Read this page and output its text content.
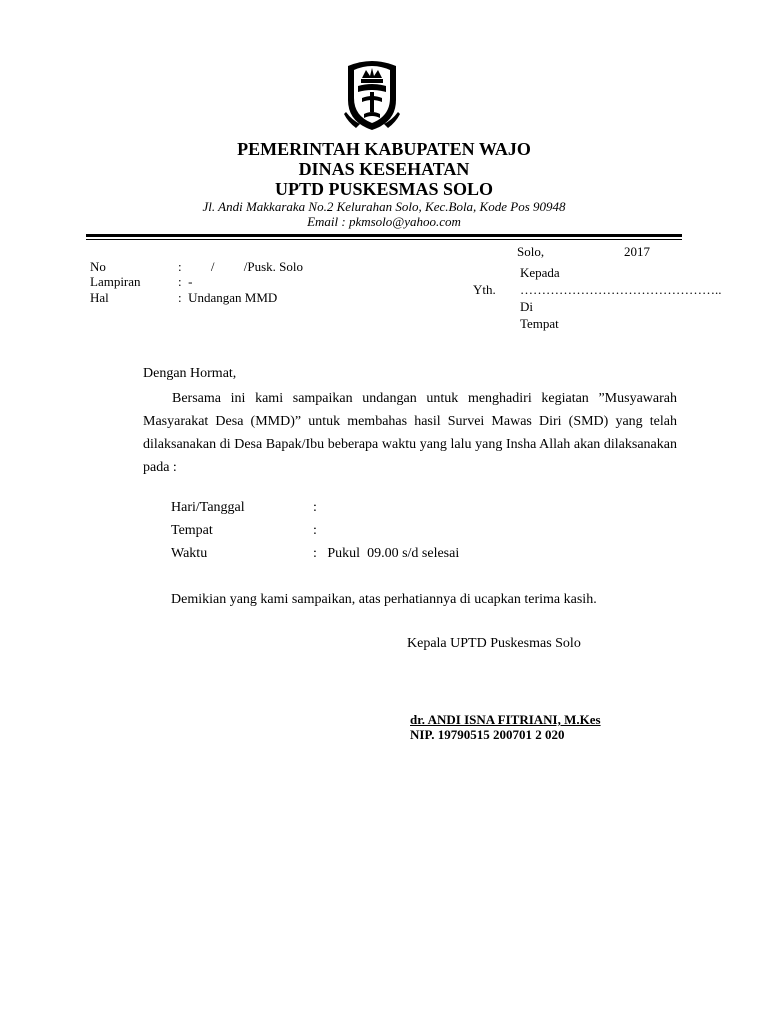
PEMERINTAH KABUPATEN WAJO
DINAS KESEHATAN
UPTD PUSKESMAS SOLO
Jl. Andi Makkaraka No.2 Kelurahan Solo, Kec.Bola, Kode Pos 90948
Email : pkmsolo@yahoo.com
Solo,	2017
Kepada
Yth. ………………………………………..
Di
Tempat
No	:         /         /Pusk. Solo
Lampiran	:  -
Hal	:  Undangan MMD
Dengan Hormat,
Bersama ini kami sampaikan undangan untuk menghadiri kegiatan ”Musyawarah Masyarakat Desa (MMD)” untuk membahas hasil Survei Mawas Diri (SMD) yang telah dilaksanakan di Desa Bapak/Ibu beberapa waktu yang lalu yang Insha Allah akan dilaksanakan pada :
Hari/Tanggal	:
Tempat	:
Waktu	:   Pukul  09.00 s/d selesai
Demikian yang kami sampaikan, atas perhatiannya di ucapkan terima kasih.
Kepala UPTD Puskesmas Solo
dr. ANDI ISNA FITRIANI, M.Kes
NIP. 19790515 200701 2 020
